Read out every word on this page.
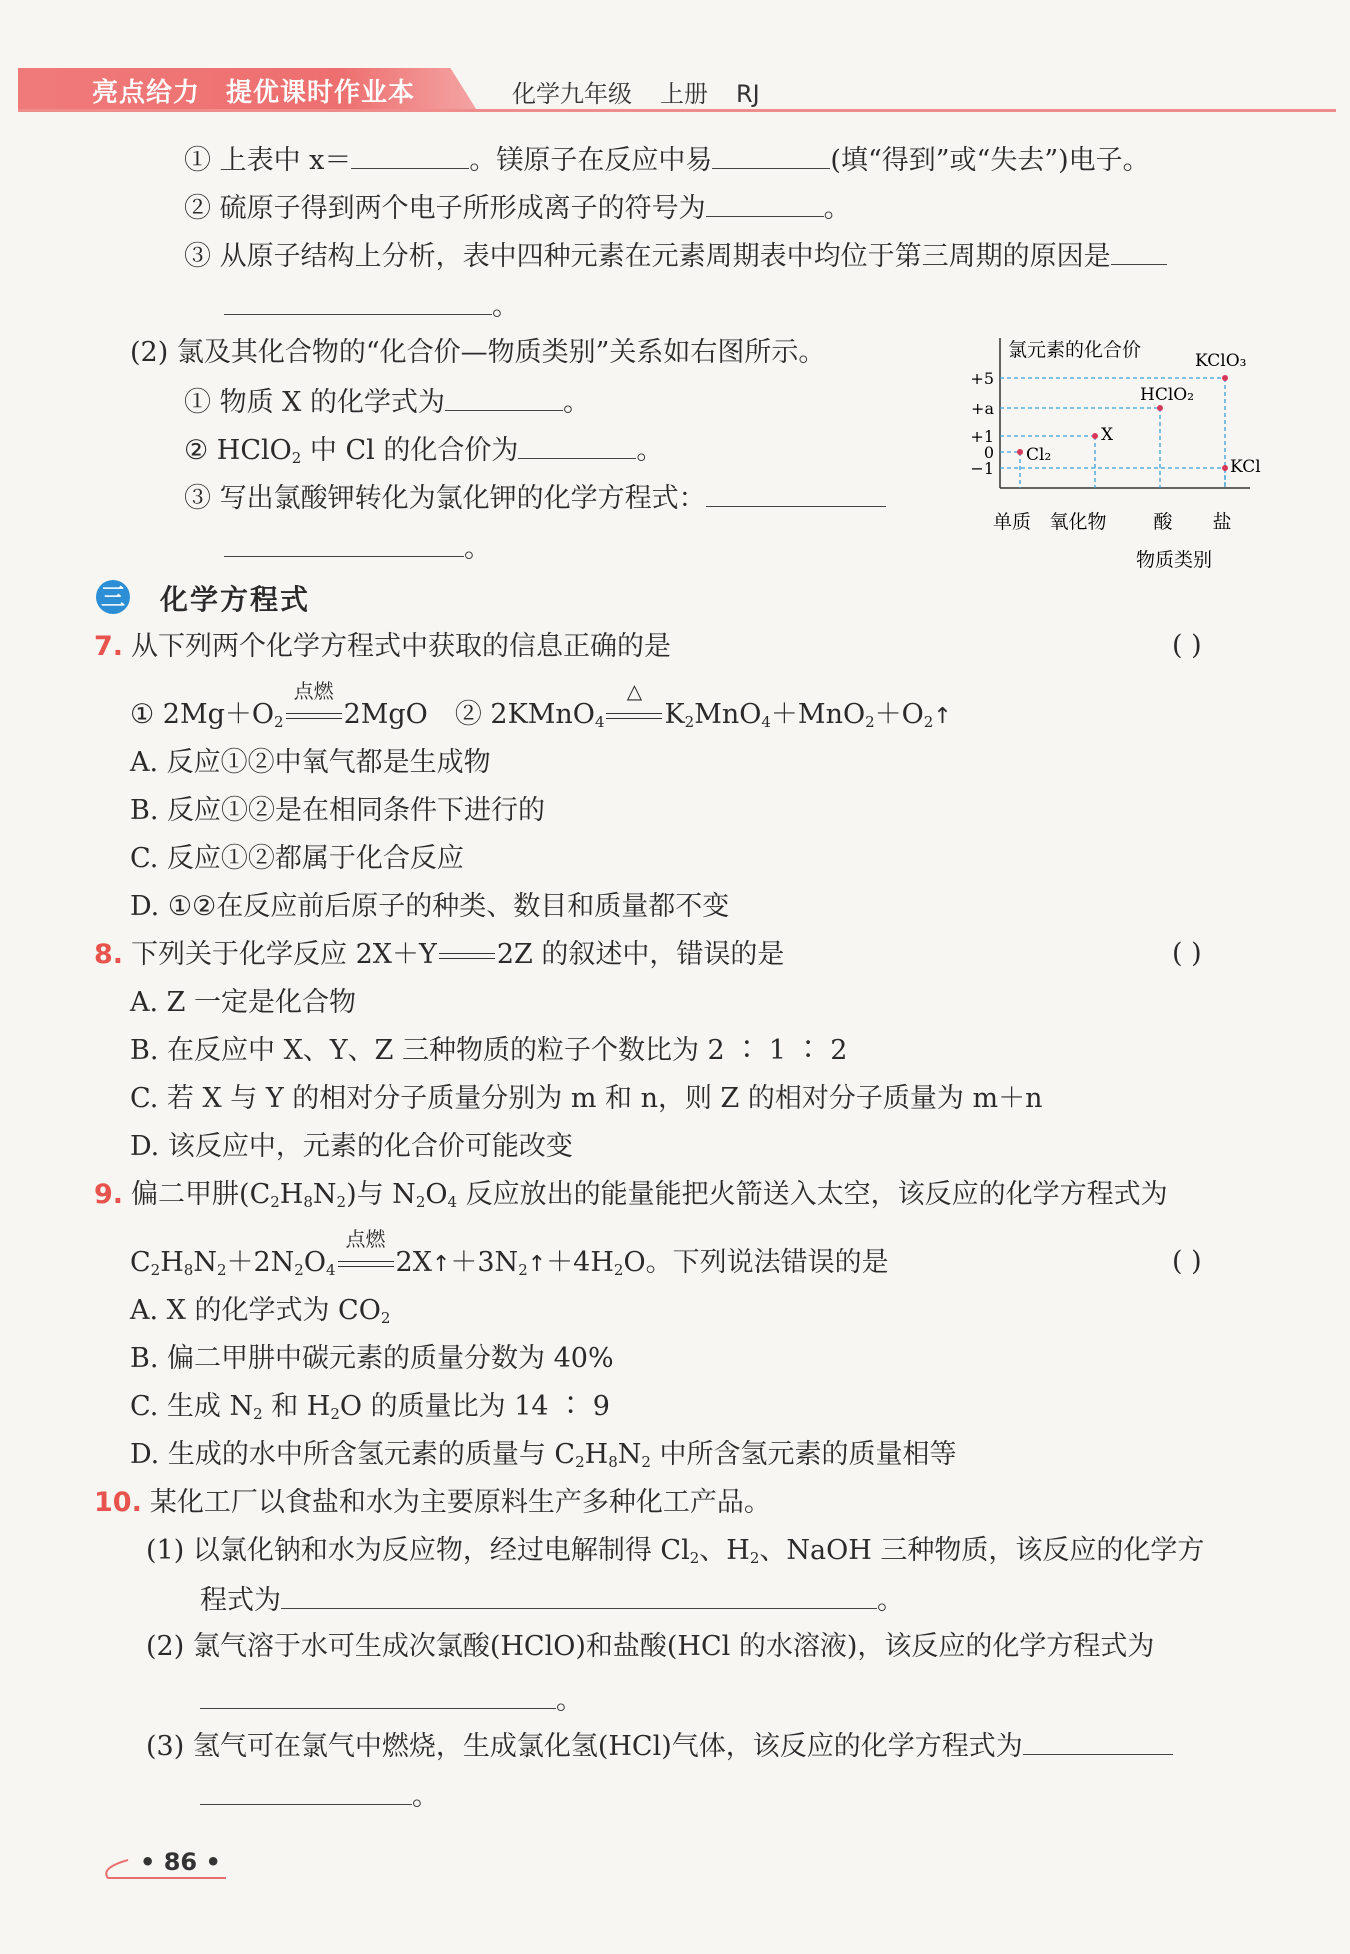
亮点给力 提优课时作业本	化学九年级 上册 RJ
① 上表中 x＝	。镁原子在反应中易	(填“得到”或“失去”)电子。
② 硫原子得到两个电子所形成离子的符号为	。
③ 从原子结构上分析，表中四种元素在元素周期表中均位于第三周期的原因是
。
(2) 氯及其化合物的“化合价—物质类别”关系如右图所示。
① 物质 X 的化学式为	。
② HClO$_2$ 中 Cl 的化合价为	。
③ 写出氯酸钾转化为氯化钾的化学方程式：
。
氯元素的化合价
物质类别
+5
+a
+1
0
−1
单质 氧化物 酸 盐
Cl₂
X
HClO₂
KClO₃
KCl
三 化学方程式
7. 从下列两个化学方程式中获取的信息正确的是	( )
① $2Mg+O_2$
点燃
2MgO　② 2KMnO$_4$
△
$K_2MnO_4+MnO_2+O_2↑$
A. 反应①②中氧气都是生成物
B. 反应①②是在相同条件下进行的
C. 反应①②都属于化合反应
D. ①②在反应前后原子的种类、数目和质量都不变
8. 下列关于化学反应 2X＋Y 2Z 的叙述中，错误的是	( )
A. Z 一定是化合物
B. 在反应中 X、Y、Z 三种物质的粒子个数比为 2 ∶ 1 ∶ 2
C. 若 X 与 Y 的相对分子质量分别为 m 和 n，则 Z 的相对分子质量为 m＋n
D. 该反应中，元素的化合价可能改变
9. 偏二甲肼$(C_2H_8N_2)$与 $N_2O_4$ 反应放出的能量能把火箭送入太空，该反应的化学方程式为
$C_2H_8N_2+2N_2O_4$
点燃
$2X↑+3N_2↑+4H_2O$。下列说法错误的是	( )
A. X 的化学式为 $CO_2$
B. 偏二甲肼中碳元素的质量分数为 40%
C. 生成 $N_2$ 和 $H_2O$ 的质量比为 14 ∶ 9
D. 生成的水中所含氢元素的质量与 $C_2H_8N_2$ 中所含氢元素的质量相等
10. 某化工厂以食盐和水为主要原料生产多种化工产品。
(1) 以氯化钠和水为反应物，经过电解制得 $Cl_2$、$H_2$、NaOH 三种物质，该反应的化学方
程式为	。
(2) 氯气溶于水可生成次氯酸(HClO)和盐酸(HCl 的水溶液)，该反应的化学方程式为
。
(3) 氢气可在氯气中燃烧，生成氯化氢(HCl)气体，该反应的化学方程式为
。
• 86 •
